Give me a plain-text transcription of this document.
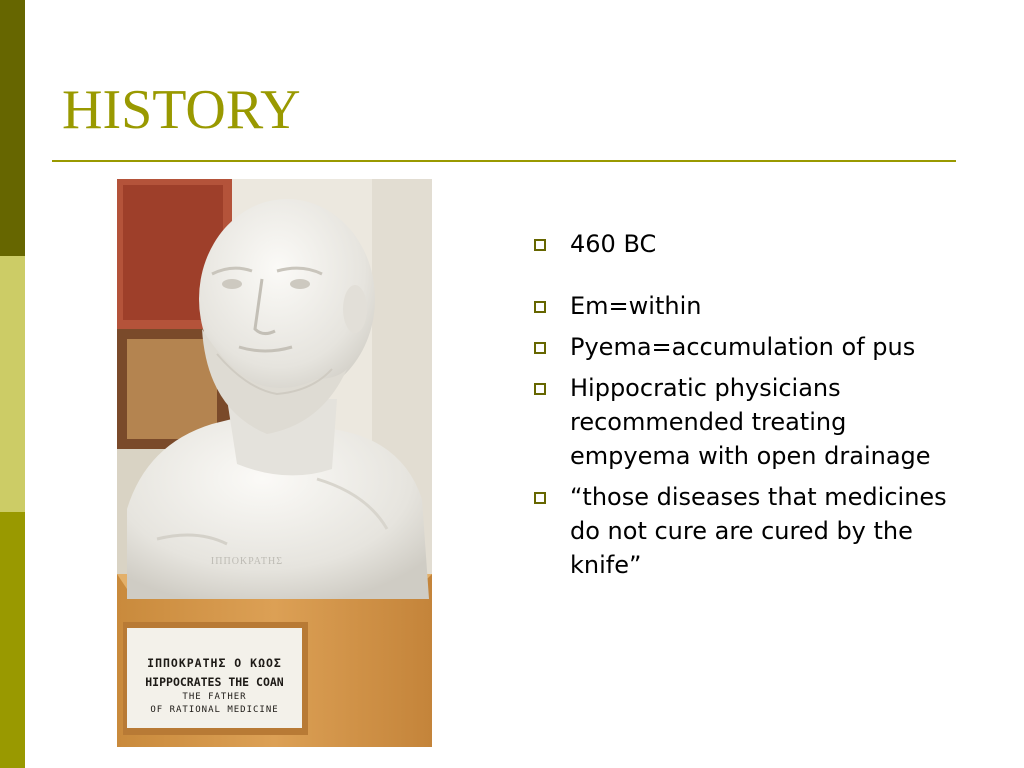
HISTORY
ΙΠΠΟΚΡΑΤΗΣ
ΙΠΠΟΚΡΑΤΗΣ Ο ΚΩΟΣ
HIPPOCRATES THE COAN
THE FATHER
OF RATIONAL MEDICINE
460 BC
Em=within
Pyema=accumulation of pus
Hippocratic physicians recommended treating empyema with open drainage
“those diseases that medicines do not cure are cured by the knife”
